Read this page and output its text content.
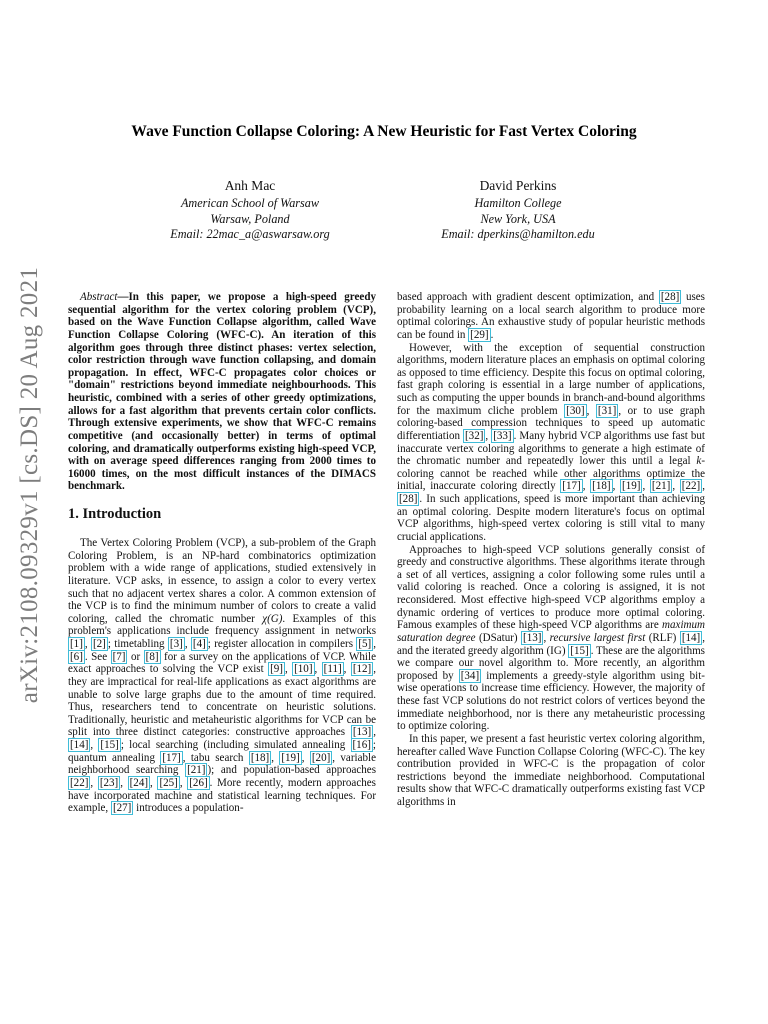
arXiv:2108.09329v1 [cs.DS] 20 Aug 2021
Wave Function Collapse Coloring: A New Heuristic for Fast Vertex Coloring
Anh Mac
American School of Warsaw
Warsaw, Poland
Email: 22mac_a@aswarsaw.org
David Perkins
Hamilton College
New York, USA
Email: dperkins@hamilton.edu

Abstract—In this paper, we propose a high-speed greedy sequential algorithm for the vertex coloring problem (VCP), based on the Wave Function Collapse algorithm, called Wave Function Collapse Coloring (WFC-C). An iteration of this algorithm goes through three distinct phases: vertex selection, color restriction through wave function collapsing, and domain propagation. In effect, WFC-C propagates color choices or "domain" restrictions beyond immediate neighbourhoods. This heuristic, combined with a series of other greedy optimizations, allows for a fast algorithm that prevents certain color conflicts. Through extensive experiments, we show that WFC-C remains competitive (and occasionally better) in terms of optimal coloring, and dramatically outperforms existing high-speed VCP, with on average speed differences ranging from 2000 times to 16000 times, on the most difficult instances of the DIMACS benchmark.

1. Introduction

The Vertex Coloring Problem (VCP), a sub-problem of the Graph Coloring Problem, is an NP-hard combinatorics optimization problem with a wide range of applications, studied extensively in literature. VCP asks, in essence, to assign a color to every vertex such that no adjacent vertex shares a color. A common extension of the VCP is to find the minimum number of colors to create a valid coloring, called the chromatic number χ(G). Examples of this problem's applications include frequency assignment in networks [1] , [2] ; timetabling [3] , [4] ; register allocation in compilers [5] , [6] . See [7] or [8] for a survey on the applications of VCP. While exact approaches to solving the VCP exist [9] , [10] , [11] , [12] , they are impractical for real-life applications as exact algorithms are unable to solve large graphs due to the amount of time required. Thus, researchers tend to concentrate on heuristic solutions. Traditionally, heuristic and metaheuristic algorithms for VCP can be split into three distinct categories: constructive approaches [13] , [14] , [15] ; local searching (including simulated annealing [16] ; quantum annealing [17] , tabu search [18] , [19] , [20] , variable neighborhood searching [21] ); and population-based approaches [22] , [23] , [24] , [25] , [26] . More recently, modern approaches have incorporated machine and statistical learning techniques. For example, [27] introduces a population-

based approach with gradient descent optimization, and [28] uses probability learning on a local search algorithm to produce more optimal colorings. An exhaustive study of popular heuristic methods can be found in [29] .

However, with the exception of sequential construction algorithms, modern literature places an emphasis on optimal coloring as opposed to time efficiency. Despite this focus on optimal coloring, fast graph coloring is essential in a large number of applications, such as computing the upper bounds in branch-and-bound algorithms for the maximum cliche problem [30] , [31] , or to use graph coloring-based compression techniques to speed up automatic differentiation [32] , [33] . Many hybrid VCP algorithms use fast but inaccurate vertex coloring algorithms to generate a high estimate of the chromatic number and repeatedly lower this until a legal k-coloring cannot be reached while other algorithms optimize the initial, inaccurate coloring directly [17] , [18] , [19] , [21] , [22] , [28] . In such applications, speed is more important than achieving an optimal coloring. Despite modern literature's focus on optimal VCP algorithms, high-speed vertex coloring is still vital to many crucial applications.

Approaches to high-speed VCP solutions generally consist of greedy and constructive algorithms. These algorithms iterate through a set of all vertices, assigning a color following some rules until a valid coloring is reached. Once a coloring is assigned, it is not reconsidered. Most effective high-speed VCP algorithms employ a dynamic ordering of vertices to produce more optimal coloring. Famous examples of these high-speed VCP algorithms are maximum saturation degree (DSatur) [13] , recursive largest first (RLF) [14] , and the iterated greedy algorithm (IG) [15] . These are the algorithms we compare our novel algorithm to. More recently, an algorithm proposed by [34] implements a greedy-style algorithm using bit-wise operations to increase time efficiency. However, the majority of these fast VCP solutions do not restrict colors of vertices beyond the immediate neighborhood, nor is there any metaheuristic processing to optimize coloring.

In this paper, we present a fast heuristic vertex coloring algorithm, hereafter called Wave Function Collapse Coloring (WFC-C). The key contribution provided in WFC-C is the propagation of color restrictions beyond the immediate neighborhood. Computational results show that WFC-C dramatically outperforms existing fast VCP algorithms in
